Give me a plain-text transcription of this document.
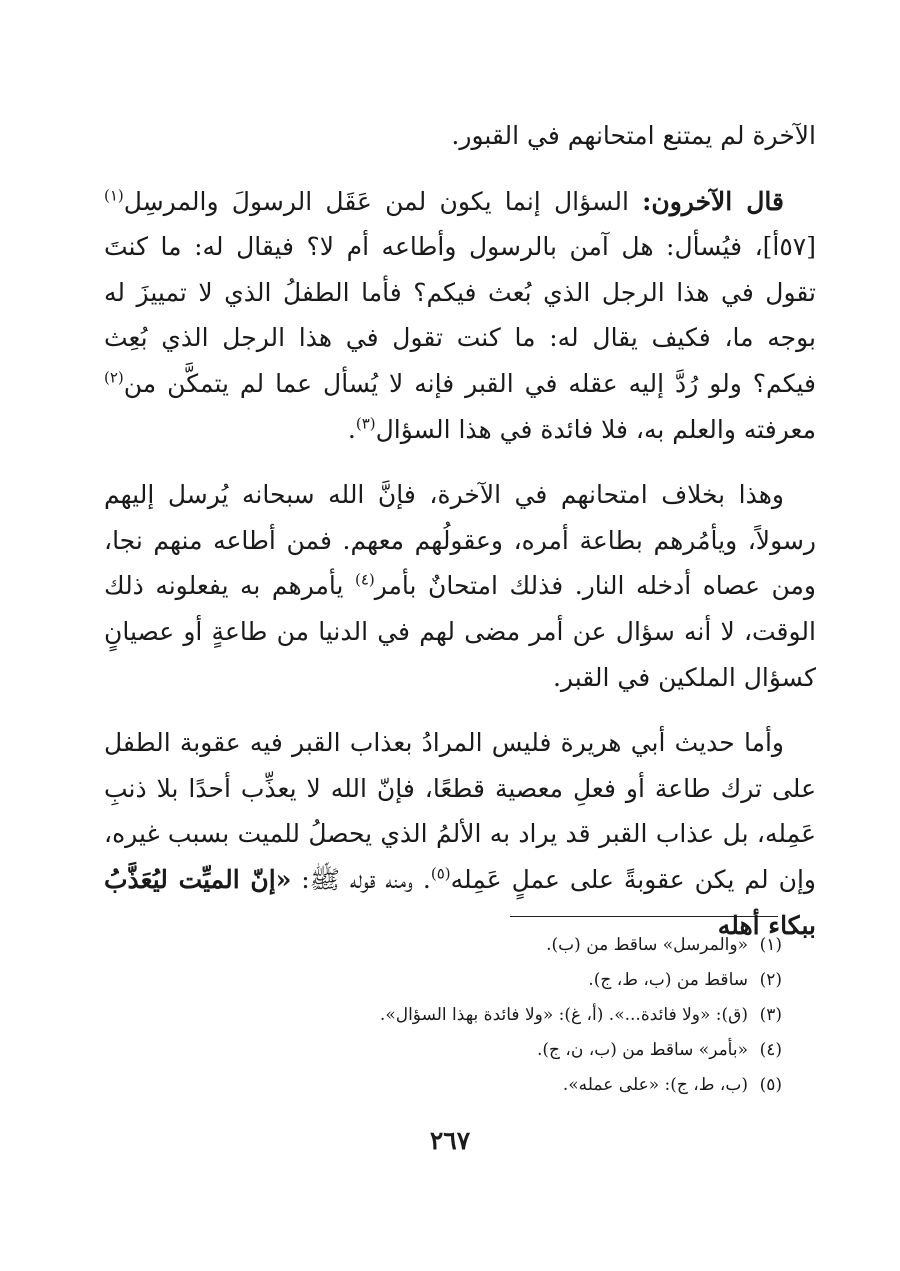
الآخرة لم يمتنع امتحانهم في القبور.

قال الآخرون: السؤال إنما يكون لمن عَقَل الرسولَ والمرسِل$^{(١)}$ [٥٧أ]، فيُسأل: هل آمن بالرسول وأطاعه أم لا؟ فيقال له: ما كنتَ تقول في هذا الرجل الذي بُعث فيكم؟ فأما الطفلُ الذي لا تمييزَ له بوجه ما، فكيف يقال له: ما كنت تقول في هذا الرجل الذي بُعِث فيكم؟ ولو رُدَّ إليه عقله في القبر فإنه لا يُسأل عما لم يتمكَّن من$^{(٢)}$ معرفته والعلم به، فلا فائدة في هذا السؤال$^{(٣)}$.

وهذا بخلاف امتحانهم في الآخرة، فإنَّ الله سبحانه يُرسل إليهم رسولاً، ويأمُرهم بطاعة أمره، وعقولُهم معهم. فمن أطاعه منهم نجا، ومن عصاه أدخله النار. فذلك امتحانٌ بأمر$^{(٤)}$ يأمرهم به يفعلونه ذلك الوقت، لا أنه سؤال عن أمر مضى لهم في الدنيا من طاعةٍ أو عصيانٍ كسؤال الملكين في القبر.

وأما حديث أبي هريرة فليس المرادُ بعذاب القبر فيه عقوبة الطفل على ترك طاعة أو فعلِ معصية قطعًا، فإنّ الله لا يعذِّب أحدًا بلا ذنبِ عَمِله، بل عذاب القبر قد يراد به الألمُ الذي يحصلُ للميت بسبب غيره، وإن لم يكن عقوبةً على عملٍ عَمِله$^{(٥)}$. ومنه قوله ﷺ: «إنّ الميِّت ليُعَذَّبُ ببكاء أهله

(١)«والمرسل» ساقط من (ب).
(٢)ساقط من (ب، ط، ج).
(٣)(ق): «ولا فائدة...». (أ، غ): «ولا فائدة بهذا السؤال».
(٤)«بأمر» ساقط من (ب، ن، ج).
(٥)(ب، ط، ج): «على عمله».
٢٦٧
